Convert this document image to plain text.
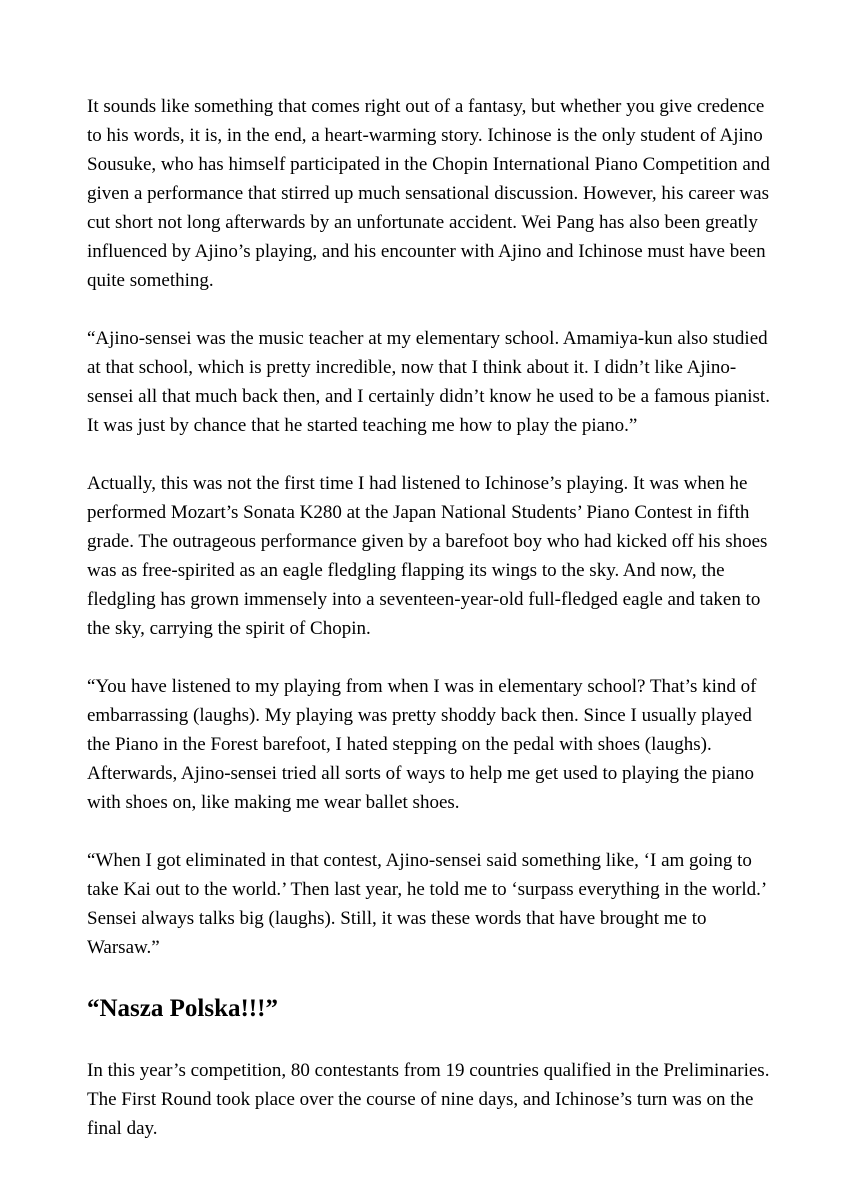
It sounds like something that comes right out of a fantasy, but whether you give credence to his words, it is, in the end, a heart-warming story. Ichinose is the only student of Ajino Sousuke, who has himself participated in the Chopin International Piano Competition and given a performance that stirred up much sensational discussion. However, his career was cut short not long afterwards by an unfortunate accident. Wei Pang has also been greatly influenced by Ajino’s playing, and his encounter with Ajino and Ichinose must have been quite something.

“Ajino-sensei was the music teacher at my elementary school. Amamiya-kun also studied at that school, which is pretty incredible, now that I think about it. I didn’t like Ajino-sensei all that much back then, and I certainly didn’t know he used to be a famous pianist. It was just by chance that he started teaching me how to play the piano.”

Actually, this was not the first time I had listened to Ichinose’s playing. It was when he performed Mozart’s Sonata K280 at the Japan National Students’ Piano Contest in fifth grade. The outrageous performance given by a barefoot boy who had kicked off his shoes was as free-spirited as an eagle fledgling flapping its wings to the sky. And now, the fledgling has grown immensely into a seventeen-year-old full-fledged eagle and taken to the sky, carrying the spirit of Chopin.

“You have listened to my playing from when I was in elementary school? That’s kind of embarrassing (laughs). My playing was pretty shoddy back then. Since I usually played the Piano in the Forest barefoot, I hated stepping on the pedal with shoes (laughs). Afterwards, Ajino-sensei tried all sorts of ways to help me get used to playing the piano with shoes on, like making me wear ballet shoes.

“When I got eliminated in that contest, Ajino-sensei said something like, ‘I am going to take Kai out to the world.’ Then last year, he told me to ‘surpass everything in the world.’ Sensei always talks big (laughs). Still, it was these words that have brought me to Warsaw.”

“Nasza Polska!!!”

In this year’s competition, 80 contestants from 19 countries qualified in the Preliminaries. The First Round took place over the course of nine days, and Ichinose’s turn was on the final day.
